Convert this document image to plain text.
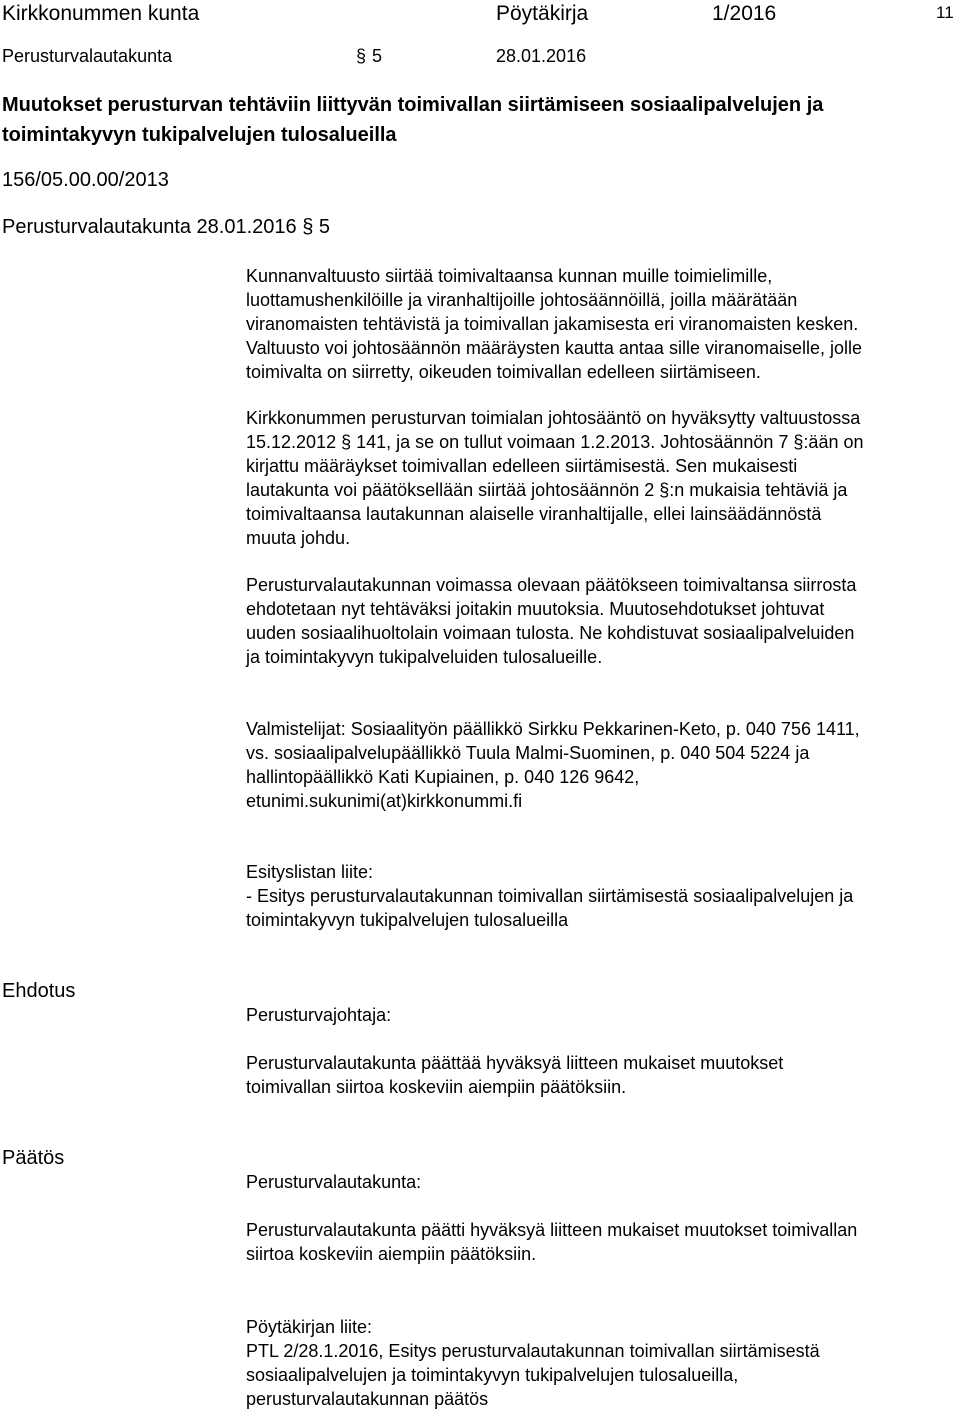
Kirkkonummen kunta	Pöytäkirja	1/2016	11
Perusturvalautakunta	§ 5	28.01.2016
Muutokset perusturvan tehtäviin liittyvän toimivallan siirtämiseen sosiaalipalvelujen ja
toimintakyvyn tukipalvelujen tulosalueilla
156/05.00.00/2013
Perusturvalautakunta 28.01.2016 § 5

Kunnanvaltuusto siirtää toimivaltaansa kunnan muille toimielimille,

luottamushenkilöille ja viranhaltijoille johtosäännöillä, joilla määrätään

viranomaisten tehtävistä ja toimivallan jakamisesta eri viranomaisten kesken.

Valtuusto voi johtosäännön määräysten kautta antaa sille viranomaiselle, jolle

toimivalta on siirretty, oikeuden toimivallan edelleen siirtämiseen.

Kirkkonummen perusturvan toimialan johtosääntö on hyväksytty valtuustossa

15.12.2012 § 141, ja se on tullut voimaan 1.2.2013. Johtosäännön 7 §:ään on

kirjattu määräykset toimivallan edelleen siirtämisestä. Sen mukaisesti

lautakunta voi päätöksellään siirtää johtosäännön 2 §:n mukaisia tehtäviä ja

toimivaltaansa lautakunnan alaiselle viranhaltijalle, ellei lainsäädännöstä

muuta johdu.

Perusturvalautakunnan voimassa olevaan päätökseen toimivaltansa siirrosta

ehdotetaan nyt tehtäväksi joitakin muutoksia. Muutosehdotukset johtuvat

uuden sosiaalihuoltolain voimaan tulosta. Ne kohdistuvat sosiaalipalveluiden

ja toimintakyvyn tukipalveluiden tulosalueille.

Valmistelijat: Sosiaalityön päällikkö Sirkku Pekkarinen-Keto, p. 040 756 1411,

vs. sosiaalipalvelupäällikkö Tuula Malmi-Suominen, p. 040 504 5224 ja

hallintopäällikkö Kati Kupiainen, p. 040 126 9642,

etunimi.sukunimi(at)kirkkonummi.fi

Esityslistan liite:

- Esitys perusturvalautakunnan toimivallan siirtämisestä sosiaalipalvelujen ja

toimintakyvyn tukipalvelujen tulosalueilla

Ehdotus

Perusturvajohtaja:

Perusturvalautakunta päättää hyväksyä liitteen mukaiset muutokset

toimivallan siirtoa koskeviin aiempiin päätöksiin.

Päätös

Perusturvalautakunta:

Perusturvalautakunta päätti hyväksyä liitteen mukaiset muutokset toimivallan

siirtoa koskeviin aiempiin päätöksiin.

Pöytäkirjan liite:

PTL 2/28.1.2016, Esitys perusturvalautakunnan toimivallan siirtämisestä

sosiaalipalvelujen ja toimintakyvyn tukipalvelujen tulosalueilla,

perusturvalautakunnan päätös
